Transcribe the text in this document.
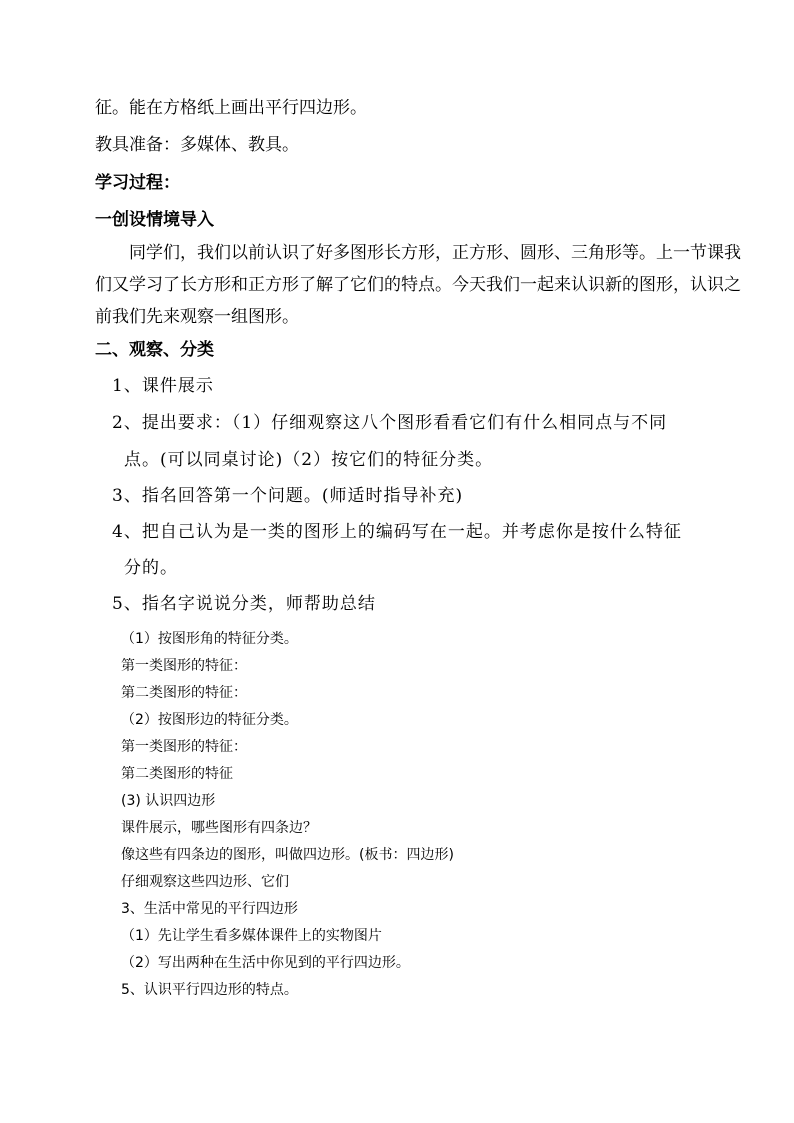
征。能在方格纸上画出平行四边形。
教具准备：多媒体、教具。
学习过程：
一创设情境导入
同学们，我们以前认识了好多图形长方形，正方形、圆形、三角形等。上一节课我
们又学习了长方形和正方形了解了它们的特点。今天我们一起来认识新的图形，认识之
前我们先来观察一组图形。
二、观察、分类
1、课件展示
2、提出要求：（1）仔细观察这八个图形看看它们有什么相同点与不同
点。(可以同桌讨论)（2）按它们的特征分类。
3、指名回答第一个问题。(师适时指导补充)
4、把自己认为是一类的图形上的编码写在一起。并考虑你是按什么特征
分的。
5、指名字说说分类，师帮助总结
（1）按图形角的特征分类。
第一类图形的特征：
第二类图形的特征：
（2）按图形边的特征分类。
第一类图形的特征：
第二类图形的特征
(3) 认识四边形
课件展示，哪些图形有四条边？
像这些有四条边的图形，叫做四边形。(板书：四边形)
仔细观察这些四边形、它们
3、生活中常见的平行四边形
（1）先让学生看多媒体课件上的实物图片
（2）写出两种在生活中你见到的平行四边形。
5、认识平行四边形的特点。
